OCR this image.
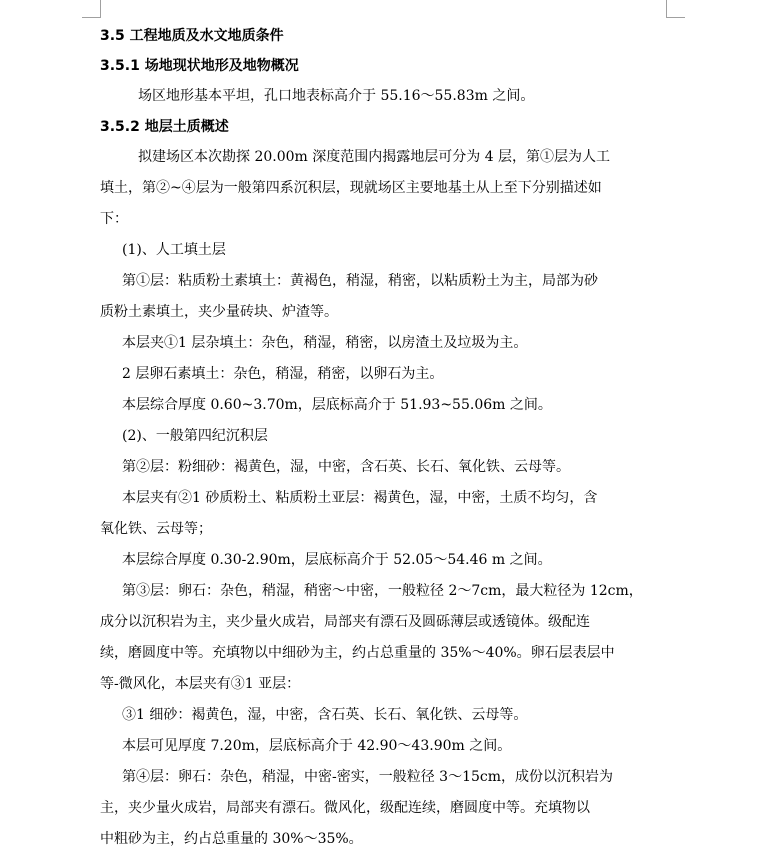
3.5 工程地质及水文地质条件
3.5.1 场地现状地形及地物概况
场区地形基本平坦，孔口地表标高介于 55.16～55.83m 之间。
3.5.2 地层土质概述
拟建场区本次勘探 20.00m 深度范围内揭露地层可分为 4 层，第①层为人工
填土，第②~④层为一般第四系沉积层，现就场区主要地基土从上至下分别描述如
下：
(1)、人工填土层
第①层：粘质粉土素填土：黄褐色，稍湿，稍密，以粘质粉土为主，局部为砂
质粉土素填土，夹少量砖块、炉渣等。
本层夹①1 层杂填土：杂色，稍湿，稍密，以房渣土及垃圾为主。
2 层卵石素填土：杂色，稍湿，稍密，以卵石为主。
本层综合厚度 0.60~3.70m，层底标高介于 51.93~55.06m 之间。
(2)、一般第四纪沉积层
第②层：粉细砂：褐黄色，湿，中密，含石英、长石、氧化铁、云母等。
本层夹有②1 砂质粉土、粘质粉土亚层：褐黄色，湿，中密，土质不均匀，含
氧化铁、云母等；
本层综合厚度 0.30-2.90m，层底标高介于 52.05～54.46 m 之间。
第③层：卵石：杂色，稍湿，稍密～中密，一般粒径 2～7cm，最大粒径为 12cm，
成分以沉积岩为主，夹少量火成岩，局部夹有漂石及圆砾薄层或透镜体。级配连
续，磨圆度中等。充填物以中细砂为主，约占总重量的 35%～40%。卵石层表层中
等-微风化，本层夹有③1 亚层：
③1 细砂：褐黄色，湿，中密，含石英、长石、氧化铁、云母等。
本层可见厚度 7.20m，层底标高介于 42.90～43.90m 之间。
第④层：卵石：杂色，稍湿，中密-密实，一般粒径 3～15cm，成份以沉积岩为
主，夹少量火成岩，局部夹有漂石。微风化，级配连续，磨圆度中等。充填物以
中粗砂为主，约占总重量的 30%～35%。
